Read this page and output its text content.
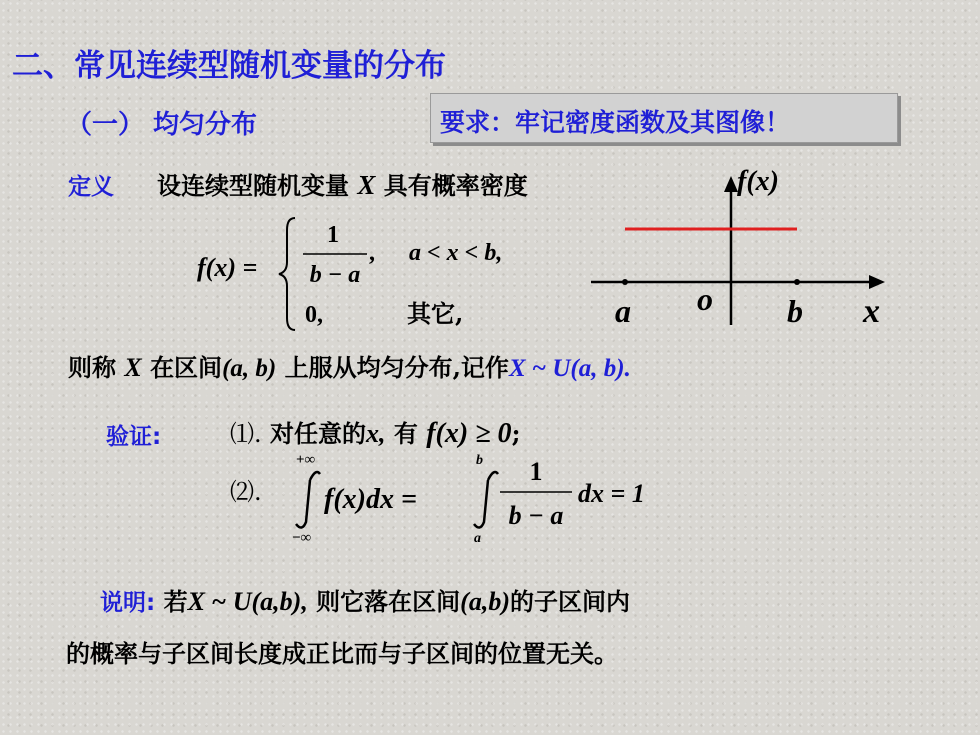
二、常见连续型随机变量的分布
（一） 均匀分布	要求：牢记密度函数及其图像！
定义 设连续型随机变量 X 具有概率密度
f(x) =
1
b − a
, a < x < b,
0,	其它,
f(x)
a o b x
则称 X 在区间(a, b) 上服从均匀分布,记作X ~ U(a, b).
验证:	⑴. 对任意的x, 有 f(x) ≥ 0;
⑵.
+∞
−∞
f(x)dx =
b
a
1
b − a
dx = 1
说明: 若X ~ U(a,b), 则它落在区间(a,b)的子区间内
的概率与子区间长度成正比而与子区间的位置无关。
